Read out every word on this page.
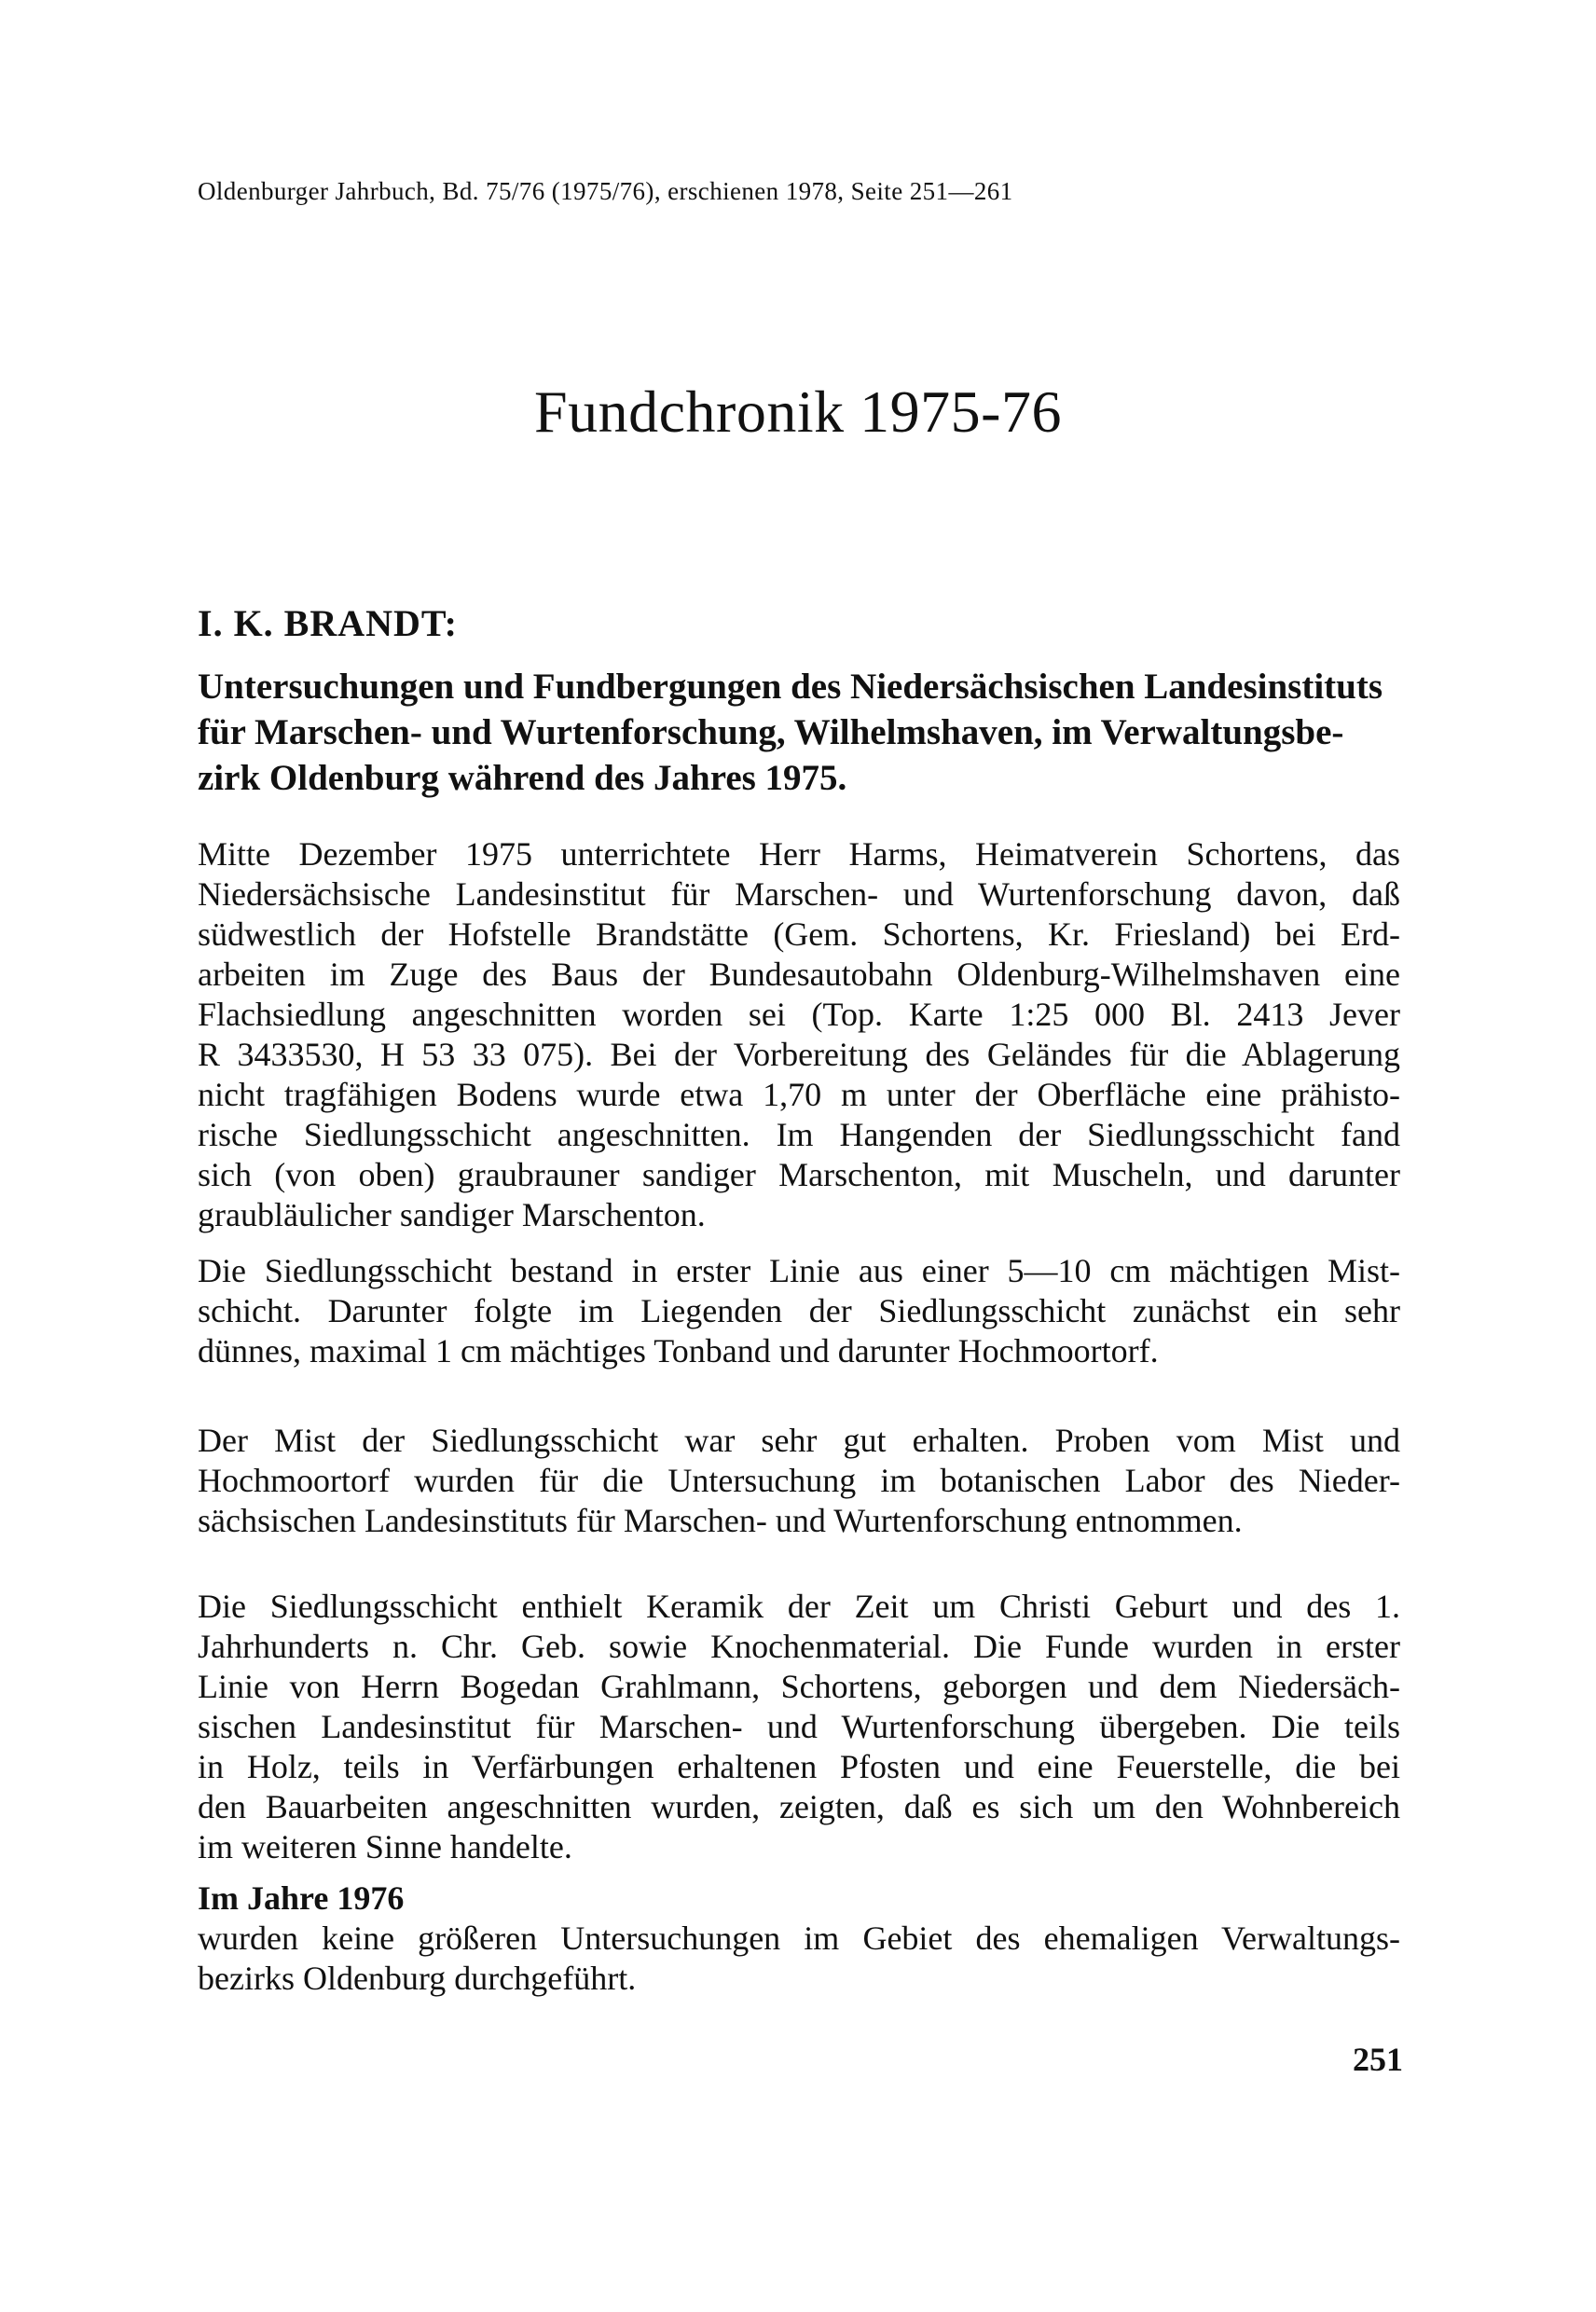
Oldenburger Jahrbuch, Bd. 75/76 (1975/76), erschienen 1978, Seite 251—261
Fundchronik 1975-76
I. K. BRANDT:
Untersuchungen und Fundbergungen des Niedersächsischen Landesinstituts
für Marschen- und Wurtenforschung, Wilhelmshaven, im Verwaltungsbe-
zirk Oldenburg während des Jahres 1975.

Mitte Dezember 1975 unterrichtete Herr Harms, Heimatverein Schortens, das
Niedersächsische Landesinstitut für Marschen- und Wurtenforschung davon, daß
südwestlich der Hofstelle Brandstätte (Gem. Schortens, Kr. Friesland) bei Erd-
arbeiten im Zuge des Baus der Bundesautobahn Oldenburg-Wilhelmshaven eine
Flachsiedlung angeschnitten worden sei (Top. Karte 1:25 000 Bl. 2413 Jever
R 3433530, H 53 33 075). Bei der Vorbereitung des Geländes für die Ablagerung
nicht tragfähigen Bodens wurde etwa 1,70 m unter der Oberfläche eine prähisto-
rische Siedlungsschicht angeschnitten. Im Hangenden der Siedlungsschicht fand
sich (von oben) graubrauner sandiger Marschenton, mit Muscheln, und darunter
graubläulicher sandiger Marschenton.

Die Siedlungsschicht bestand in erster Linie aus einer 5—10 cm mächtigen Mist-
schicht. Darunter folgte im Liegenden der Siedlungsschicht zunächst ein sehr
dünnes, maximal 1 cm mächtiges Tonband und darunter Hochmoortorf.

Der Mist der Siedlungsschicht war sehr gut erhalten. Proben vom Mist und
Hochmoortorf wurden für die Untersuchung im botanischen Labor des Nieder-
sächsischen Landesinstituts für Marschen- und Wurtenforschung entnommen.

Die Siedlungsschicht enthielt Keramik der Zeit um Christi Geburt und des 1.
Jahrhunderts n. Chr. Geb. sowie Knochenmaterial. Die Funde wurden in erster
Linie von Herrn Bogedan Grahlmann, Schortens, geborgen und dem Niedersäch-
sischen Landesinstitut für Marschen- und Wurtenforschung übergeben. Die teils
in Holz, teils in Verfärbungen erhaltenen Pfosten und eine Feuerstelle, die bei
den Bauarbeiten angeschnitten wurden, zeigten, daß es sich um den Wohnbereich
im weiteren Sinne handelte.

Im Jahre 1976

wurden keine größeren Untersuchungen im Gebiet des ehemaligen Verwaltungs-
bezirks Oldenburg durchgeführt.

251
